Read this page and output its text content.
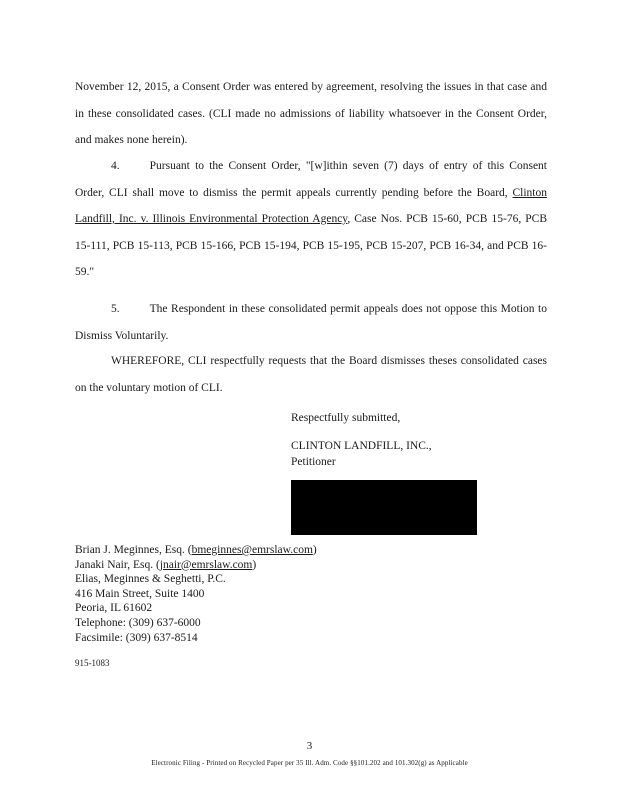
November 12, 2015, a Consent Order was entered by agreement, resolving the issues in that case and in these consolidated cases. (CLI made no admissions of liability whatsoever in the Consent Order, and makes none herein).

4.	Pursuant to the Consent Order, "[w]ithin seven (7) days of entry of this Consent Order, CLI shall move to dismiss the permit appeals currently pending before the Board, Clinton Landfill, Inc. v. Illinois Environmental Protection Agency, Case Nos. PCB 15-60, PCB 15-76, PCB 15-111, PCB 15-113, PCB 15-166, PCB 15-194, PCB 15-195, PCB 15-207, PCB 16-34, and PCB 16-59."

5.	The Respondent in these consolidated permit appeals does not oppose this Motion to Dismiss Voluntarily.

WHEREFORE, CLI respectfully requests that the Board dismisses theses consolidated cases on the voluntary motion of CLI.

Respectfully submitted,
CLINTON LANDFILL, INC.,
Petitioner
Brian J. Meginnes, Esq. (bmeginnes@emrslaw.com)
Janaki Nair, Esq. (jnair@emrslaw.com)
Elias, Meginnes & Seghetti, P.C.
416 Main Street, Suite 1400
Peoria, IL 61602
Telephone: (309) 637-6000
Facsimile: (309) 637-8514
915-1083
3
Electronic Filing - Printed on Recycled Paper per 35 Ill. Adm. Code §§101.202 and 101.302(g) as Applicable
